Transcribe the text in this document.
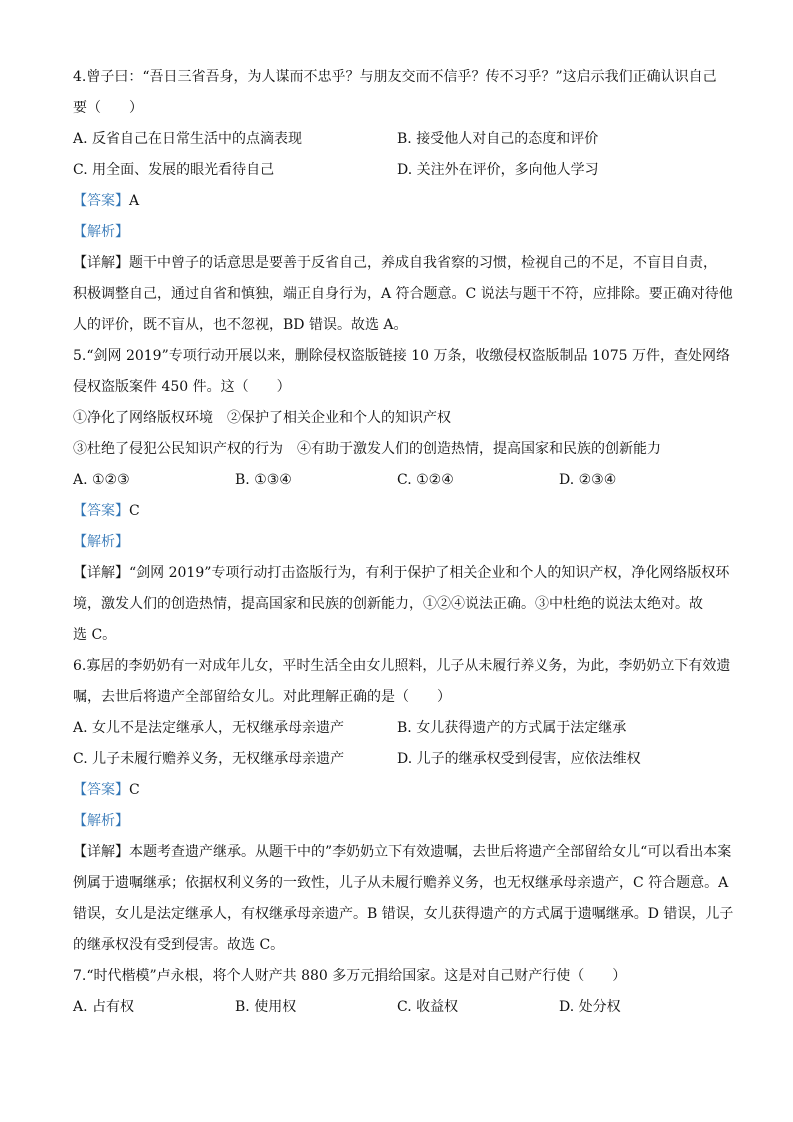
4.曾子曰：“吾日三省吾身，为人谋而不忠乎？与朋友交而不信乎？传不习乎？”这启示我们正确认识自己

要（　　）

A. 反省自己在日常生活中的点滴表现	B. 接受他人对自己的态度和评价
C. 用全面、发展的眼光看待自己	D. 关注外在评价，多向他人学习

【答案】A

【解析】

【详解】题干中曾子的话意思是要善于反省自己，养成自我省察的习惯，检视自己的不足，不盲目自责，

积极调整自己，通过自省和慎独，端正自身行为，A 符合题意。C 说法与题干不符，应排除。要正确对待他

人的评价，既不盲从，也不忽视，BD 错误。故选 A。

5.“剑网 2019”专项行动开展以来，删除侵权盗版链接 10 万条，收缴侵权盗版制品 1075 万件，查处网络

侵权盗版案件 450 件。这（　　）

①净化了网络版权环境　②保护了相关企业和个人的知识产权

③杜绝了侵犯公民知识产权的行为　④有助于激发人们的创造热情，提高国家和民族的创新能力

A. ①②③	B. ①③④	C. ①②④	D. ②③④

【答案】C

【解析】

【详解】“剑网 2019”专项行动打击盗版行为，有利于保护了相关企业和个人的知识产权，净化网络版权环

境，激发人们的创造热情，提高国家和民族的创新能力，①②④说法正确。③中杜绝的说法太绝对。故

选 C。

6.寡居的李奶奶有一对成年儿女，平时生活全由女儿照料，儿子从未履行养义务，为此，李奶奶立下有效遗

嘱，去世后将遗产全部留给女儿。对此理解正确的是（　　）

A. 女儿不是法定继承人，无权继承母亲遗产	B. 女儿获得遗产的方式属于法定继承
C. 儿子未履行赡养义务，无权继承母亲遗产	D. 儿子的继承权受到侵害，应依法维权

【答案】C

【解析】

【详解】本题考查遗产继承。从题干中的”李奶奶立下有效遗嘱，去世后将遗产全部留给女儿“可以看出本案

例属于遗嘱继承；依据权利义务的一致性，儿子从未履行赡养义务，也无权继承母亲遗产，C 符合题意。A

错误，女儿是法定继承人，有权继承母亲遗产。B 错误，女儿获得遗产的方式属于遗嘱继承。D 错误，儿子

的继承权没有受到侵害。故选 C。

7.“时代楷模”卢永根，将个人财产共 880 多万元捐给国家。这是对自己财产行使（　　）

A. 占有权	B. 使用权	C. 收益权	D. 处分权
